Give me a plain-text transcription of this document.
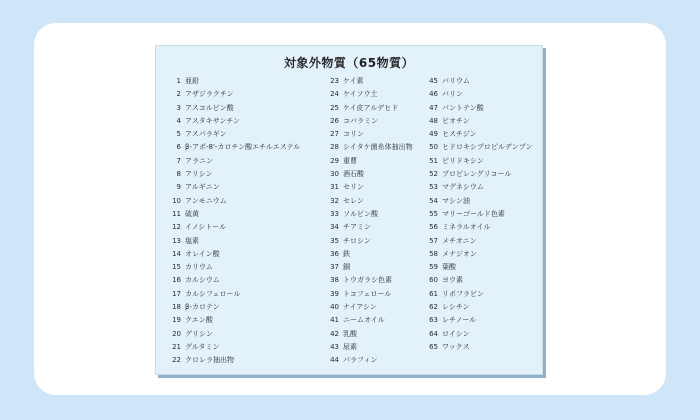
対象外物質（65物質）
1 亜鉛
2 アザジラクチン
3 アスコルビン酸
4 アスタキサンチン
5 アスパラギン
6 β-アポ-8'-カロチン酸エチルエステル
7 アラニン
8 アリシン
9 アルギニン
10 アンモニウム
11 硫黄
12 イノシトール
13 塩素
14 オレイン酸
15 カリウム
16 カルシウム
17 カルシフェロール
18 β-カロテン
19 クエン酸
20 グリシン
21 グルタミン
22 クロレラ抽出物
23 ケイ素
24 ケイソウ土
25 ケイ皮アルデヒド
26 コバラミン
27 コリン
28 シイタケ菌糸体抽出物
29 重曹
30 酒石酸
31 セリン
32 セレン
33 ソルビン酸
34 チアミン
35 チロシン
36 鉄
37 銅
38 トウガラシ色素
39 トコフェロール
40 ナイアシン
41 ニームオイル
42 乳酸
43 尿素
44 パラフィン
45 バリウム
46 バリン
47 パントテン酸
48 ビオチン
49 ヒスチジン
50 ヒドロキシプロピルデンプン
51 ピリドキシン
52 プロピレングリコール
53 マグネシウム
54 マシン油
55 マリーゴールド色素
56 ミネラルオイル
57 メチオニン
58 メナジオン
59 葉酸
60 ヨウ素
61 リボフラビン
62 レシチン
63 レチノール
64 ロイシン
65 ワックス
